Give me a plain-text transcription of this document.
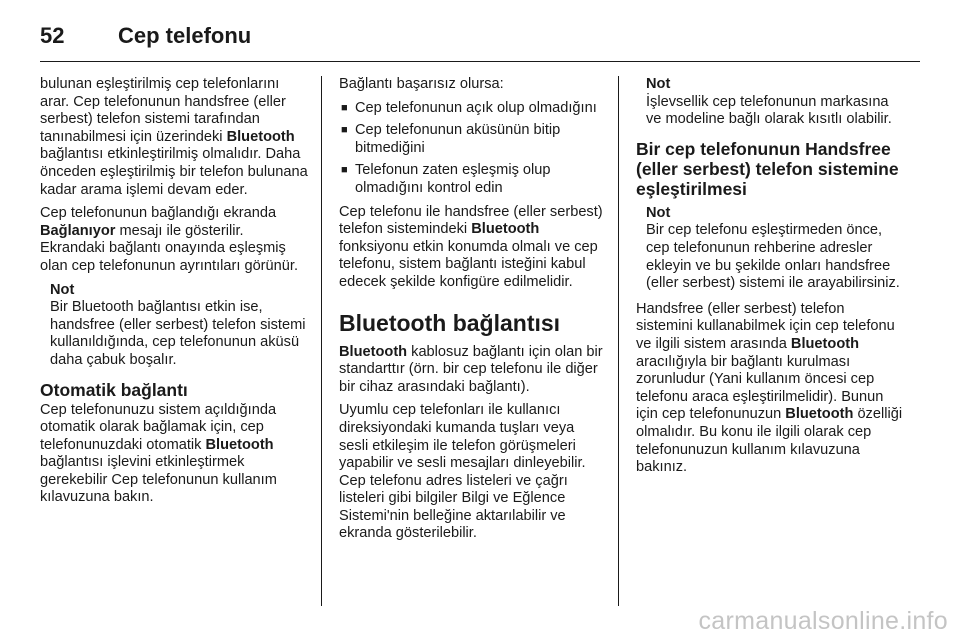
52	Cep telefonu

bulunan eşleştirilmiş cep telefonlarını arar. Cep telefonunun handsfree (eller serbest) telefon sistemi tarafından tanınabilmesi için üzerindeki Bluetooth bağlantısı etkinleştirilmiş olmalıdır. Daha önceden eşleştirilmiş bir telefon bulunana kadar arama işlemi devam eder.

Cep telefonunun bağlandığı ekranda Bağlanıyor mesajı ile gösterilir. Ekrandaki bağlantı onayında eşleşmiş olan cep telefonunun ayrıntıları görünür.

Not
Bir Bluetooth bağlantısı etkin ise, handsfree (eller serbest) telefon sistemi kullanıldığında, cep telefonunun aküsü daha çabuk boşalır.
Otomatik bağlantı

Cep telefonunuzu sistem açıldığında otomatik olarak bağlamak için, cep telefonunuzdaki otomatik Bluetooth bağlantısı işlevini etkinleştirmek gerekebilir Cep telefonunun kullanım kılavuzuna bakın.

Bağlantı başarısız olursa:

■ Cep telefonunun açık olup olmadığını
■ Cep telefonunun aküsünün bitip bitmediğini
■ Telefonun zaten eşleşmiş olup olmadığını kontrol edin

Cep telefonu ile handsfree (eller serbest) telefon sistemindeki Bluetooth fonksiyonu etkin konumda olmalı ve cep telefonu, sistem bağlantı isteğini kabul edecek şekilde konfigüre edilmelidir.

Bluetooth bağlantısı

Bluetooth kablosuz bağlantı için olan bir standarttır (örn. bir cep telefonu ile diğer bir cihaz arasındaki bağlantı).

Uyumlu cep telefonları ile kullanıcı direksiyondaki kumanda tuşları veya sesli etkileşim ile telefon görüşmeleri yapabilir ve sesli mesajları dinleyebilir. Cep telefonu adres listeleri ve çağrı listeleri gibi bilgiler Bilgi ve Eğlence Sistemi'nin belleğine aktarılabilir ve ekranda gösterilebilir.

Not
İşlevsellik cep telefonunun markasına ve modeline bağlı olarak kısıtlı olabilir.
Bir cep telefonunun Handsfree (eller serbest) telefon sistemine eşleştirilmesi
Not
Bir cep telefonu eşleştirmeden önce, cep telefonunun rehberine adresler ekleyin ve bu şekilde onları handsfree (eller serbest) sistemi ile arayabilirsiniz.

Handsfree (eller serbest) telefon sistemini kullanabilmek için cep telefonu ve ilgili sistem arasında Bluetooth aracılığıyla bir bağlantı kurulması zorunludur (Yani kullanım öncesi cep telefonu araca eşleştirilmelidir). Bunun için cep telefonunuzun Bluetooth özelliği olmalıdır. Bu konu ile ilgili olarak cep telefonunuzun kullanım kılavuzuna bakınız.

carmanualsonline.info
